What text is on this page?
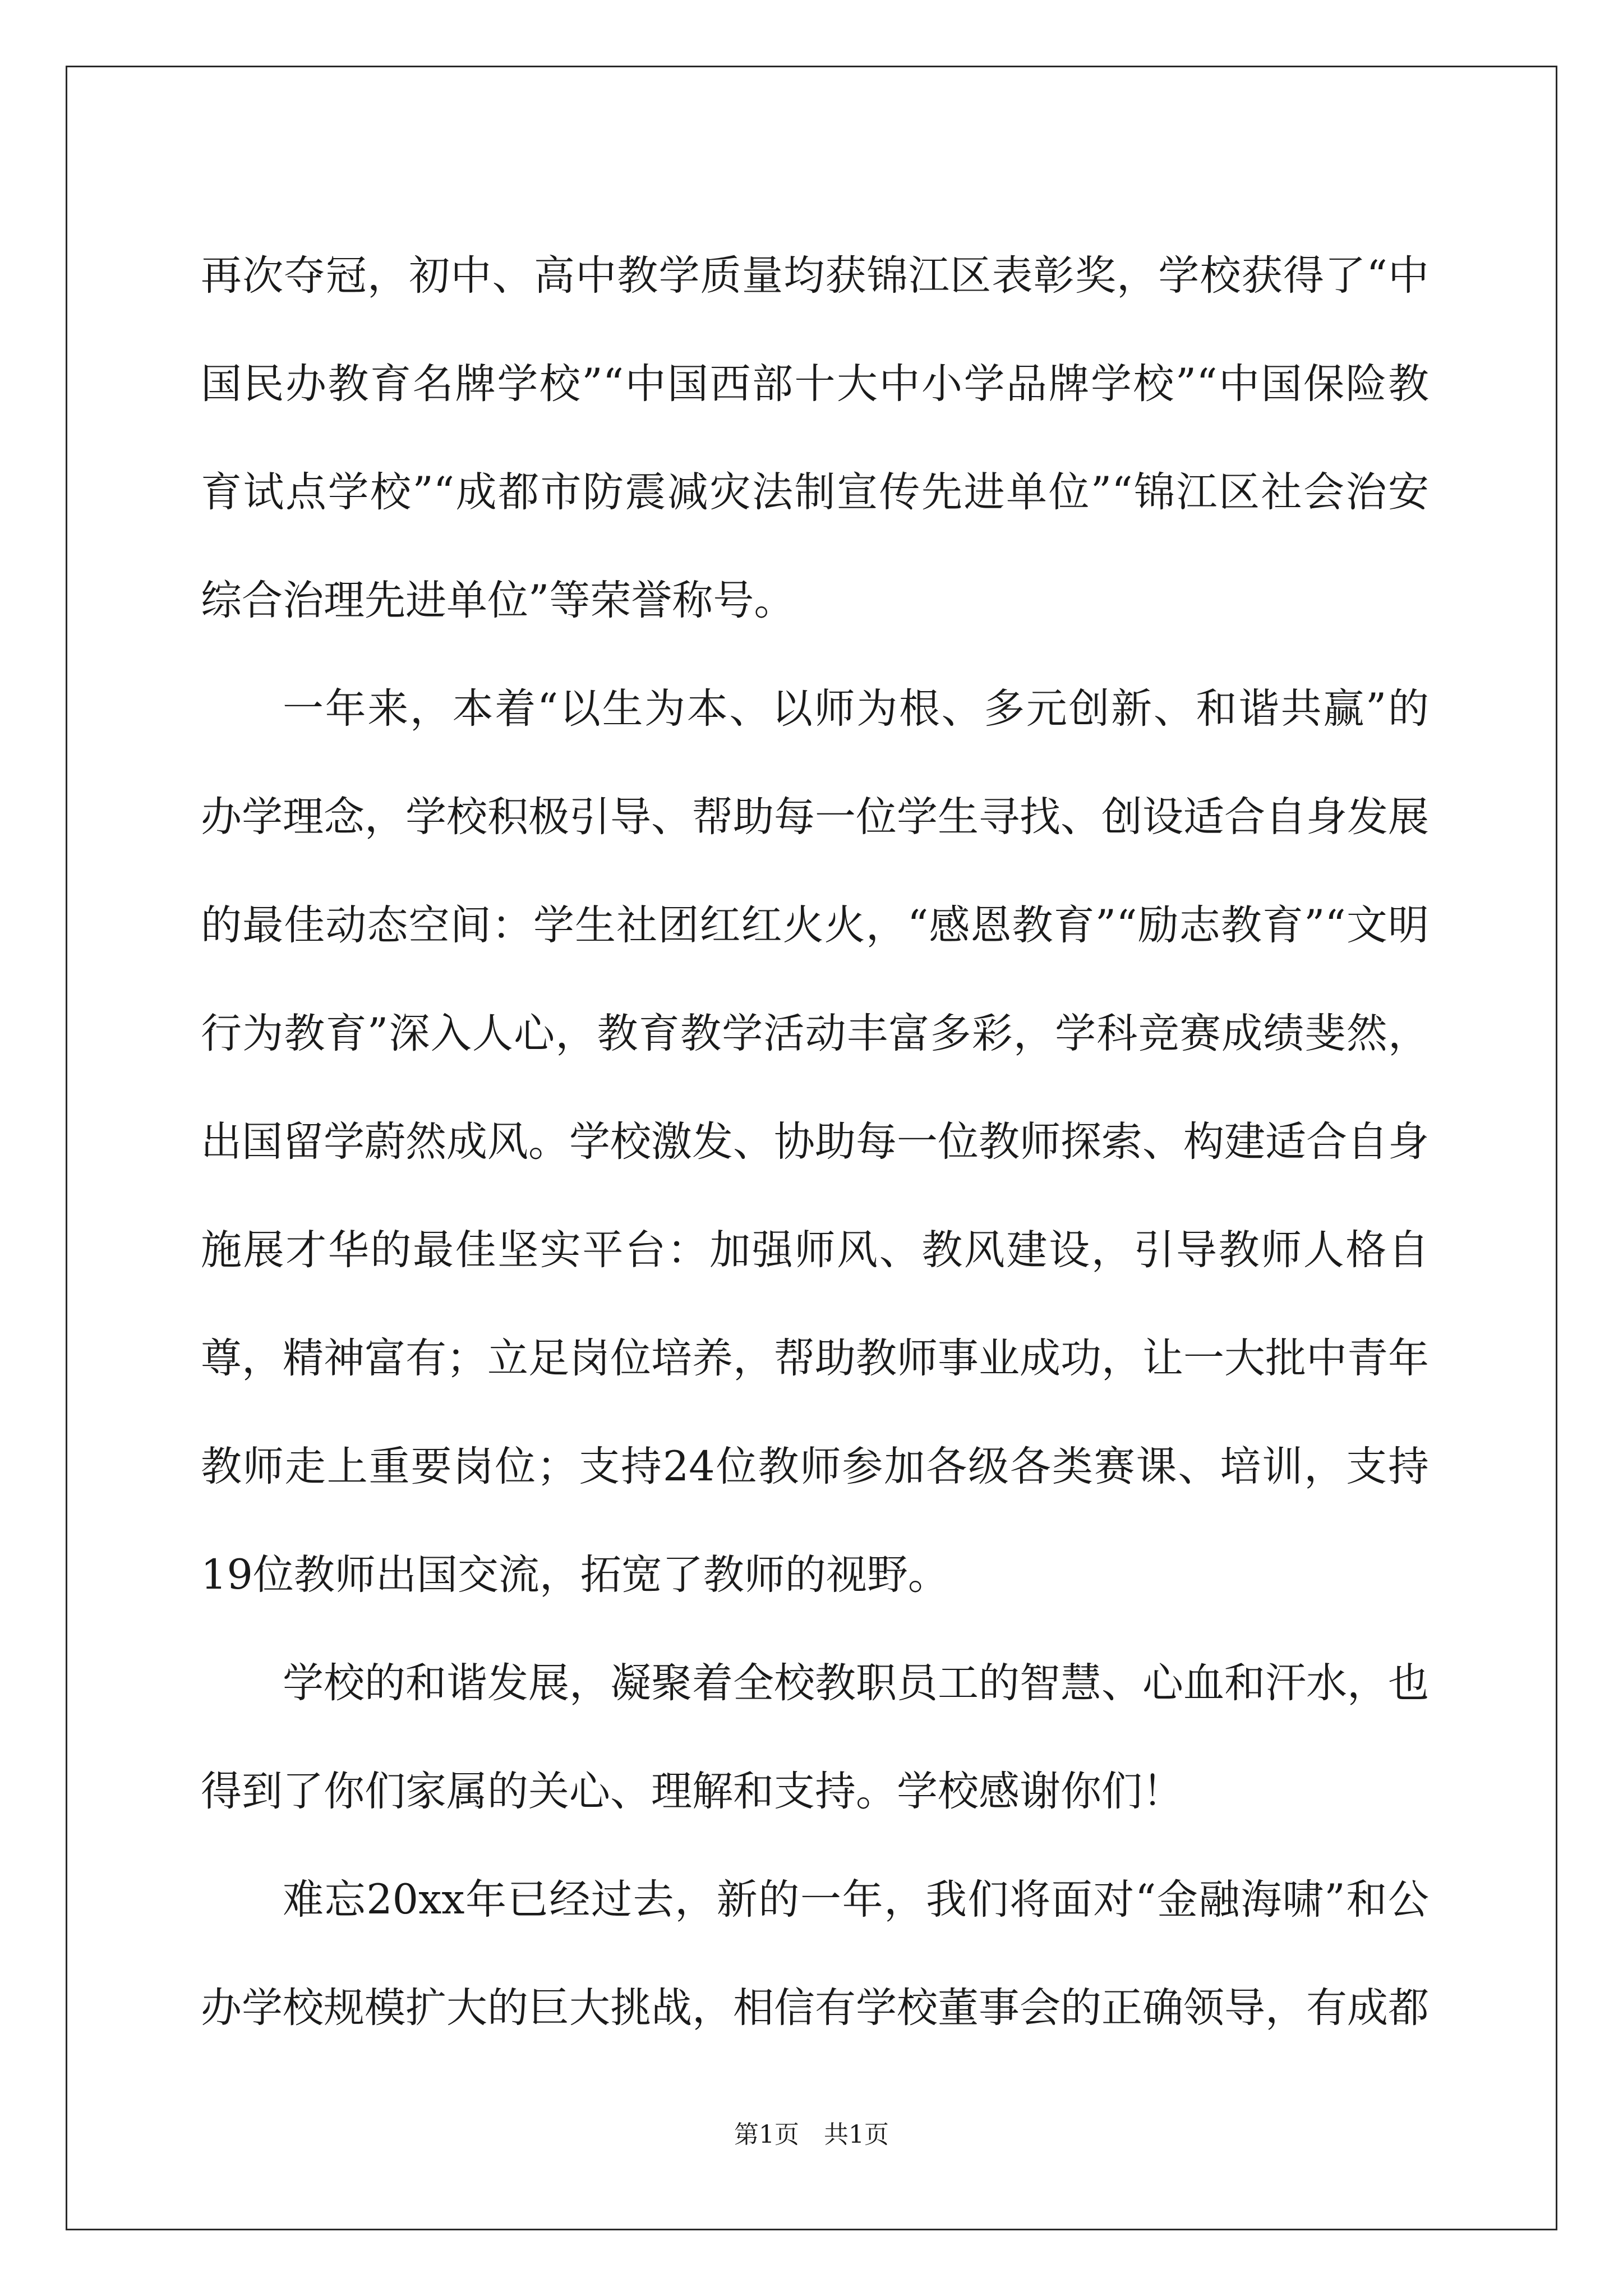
再次夺冠，初中、高中教学质量均获锦江区表彰奖，学校获得了“中国民办教育名牌学校”“中国西部十大中小学品牌学校”“中国保险教育试点学校”“成都市防震减灾法制宣传先进单位”“锦江区社会治安综合治理先进单位”等荣誉称号。

一年来，本着“以生为本、以师为根、多元创新、和谐共赢”的办学理念，学校积极引导、帮助每一位学生寻找、创设适合自身发展的最佳动态空间：学生社团红红火火，“感恩教育”“励志教育”“文明行为教育”深入人心，教育教学活动丰富多彩，学科竞赛成绩斐然，出国留学蔚然成风。学校激发、协助每一位教师探索、构建适合自身施展才华的最佳坚实平台：加强师风、教风建设，引导教师人格自尊，精神富有；立足岗位培养，帮助教师事业成功，让一大批中青年教师走上重要岗位；支持24位教师参加各级各类赛课、培训，支持19位教师出国交流，拓宽了教师的视野。

学校的和谐发展，凝聚着全校教职员工的智慧、心血和汗水，也得到了你们家属的关心、理解和支持。学校感谢你们！

难忘20xx年已经过去，新的一年，我们将面对“金融海啸”和公办学校规模扩大的巨大挑战，相信有学校董事会的正确领导，有成都

第1页　共1页
